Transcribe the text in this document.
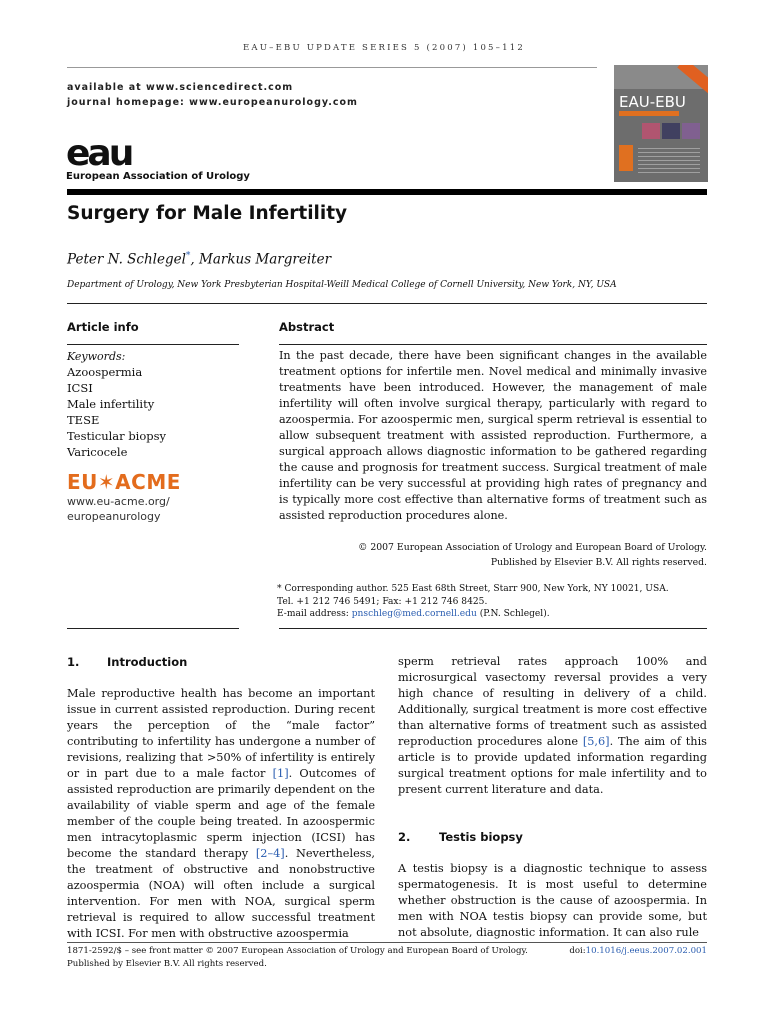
EAU–EBU UPDATE SERIES 5 (2007) 105–112
available at www.sciencedirect.com
journal homepage: www.europeanurology.com
eau
European Association of Urology
EAU-EBU
Surgery for Male Infertility
Peter N. Schlegel*, Markus Margreiter
Department of Urology, New York Presbyterian Hospital-Weill Medical College of Cornell University, New York, NY, USA
Article info	Abstract
Keywords:
Azoospermia
ICSI
Male infertility
TESE
Testicular biopsy
Varicocele
EU✶ACME
www.eu-acme.org/
europeanurology
In the past decade, there have been significant changes in the available treatment options for infertile men. Novel medical and minimally invasive treatments have been introduced. However, the management of male infertility will often involve surgical therapy, particularly with regard to azoospermia. For azoospermic men, surgical sperm retrieval is essential to allow subsequent treatment with assisted reproduction. Furthermore, a surgical approach allows diagnostic information to be gathered regarding the cause and prognosis for treatment success. Surgical treatment of male infertility can be very successful at providing high rates of pregnancy and is typically more cost effective than alternative forms of treatment such as assisted reproduction procedures alone.
© 2007 European Association of Urology and European Board of Urology.
Published by Elsevier B.V. All rights reserved.
* Corresponding author. 525 East 68th Street, Starr 900, New York, NY 10021, USA.
Tel. +1 212 746 5491; Fax: +1 212 746 8425.
E-mail address: pnschleg@med.cornell.edu (P.N. Schlegel).
1. Introduction
Male reproductive health has become an important issue in current assisted reproduction. During recent years the perception of the “male factor” contributing to infertility has undergone a number of revisions, realizing that >50% of infertility is entirely or in part due to a male factor [1]. Outcomes of assisted reproduction are primarily dependent on the availability of viable sperm and age of the female member of the couple being treated. In azoospermic men intracytoplasmic sperm injection (ICSI) has become the standard therapy [2–4]. Nevertheless, the treatment of obstructive and nonobstructive azoospermia (NOA) will often include a surgical intervention. For men with NOA, surgical sperm retrieval is required to allow successful treatment with ICSI. For men with obstructive azoospermia
sperm retrieval rates approach 100% and microsurgical vasectomy reversal provides a very high chance of resulting in delivery of a child. Additionally, surgical treatment is more cost effective than alternative forms of treatment such as assisted reproduction procedures alone [5,6]. The aim of this article is to provide updated information regarding surgical treatment options for male infertility and to present current literature and data.
2. Testis biopsy
A testis biopsy is a diagnostic technique to assess spermatogenesis. It is most useful to determine whether obstruction is the cause of azoospermia. In men with NOA testis biopsy can provide some, but not absolute, diagnostic information. It can also rule
1871-2592/$ – see front matter © 2007 European Association of Urology and European Board of Urology.	doi:10.1016/j.eeus.2007.02.001
Published by Elsevier B.V. All rights reserved.
